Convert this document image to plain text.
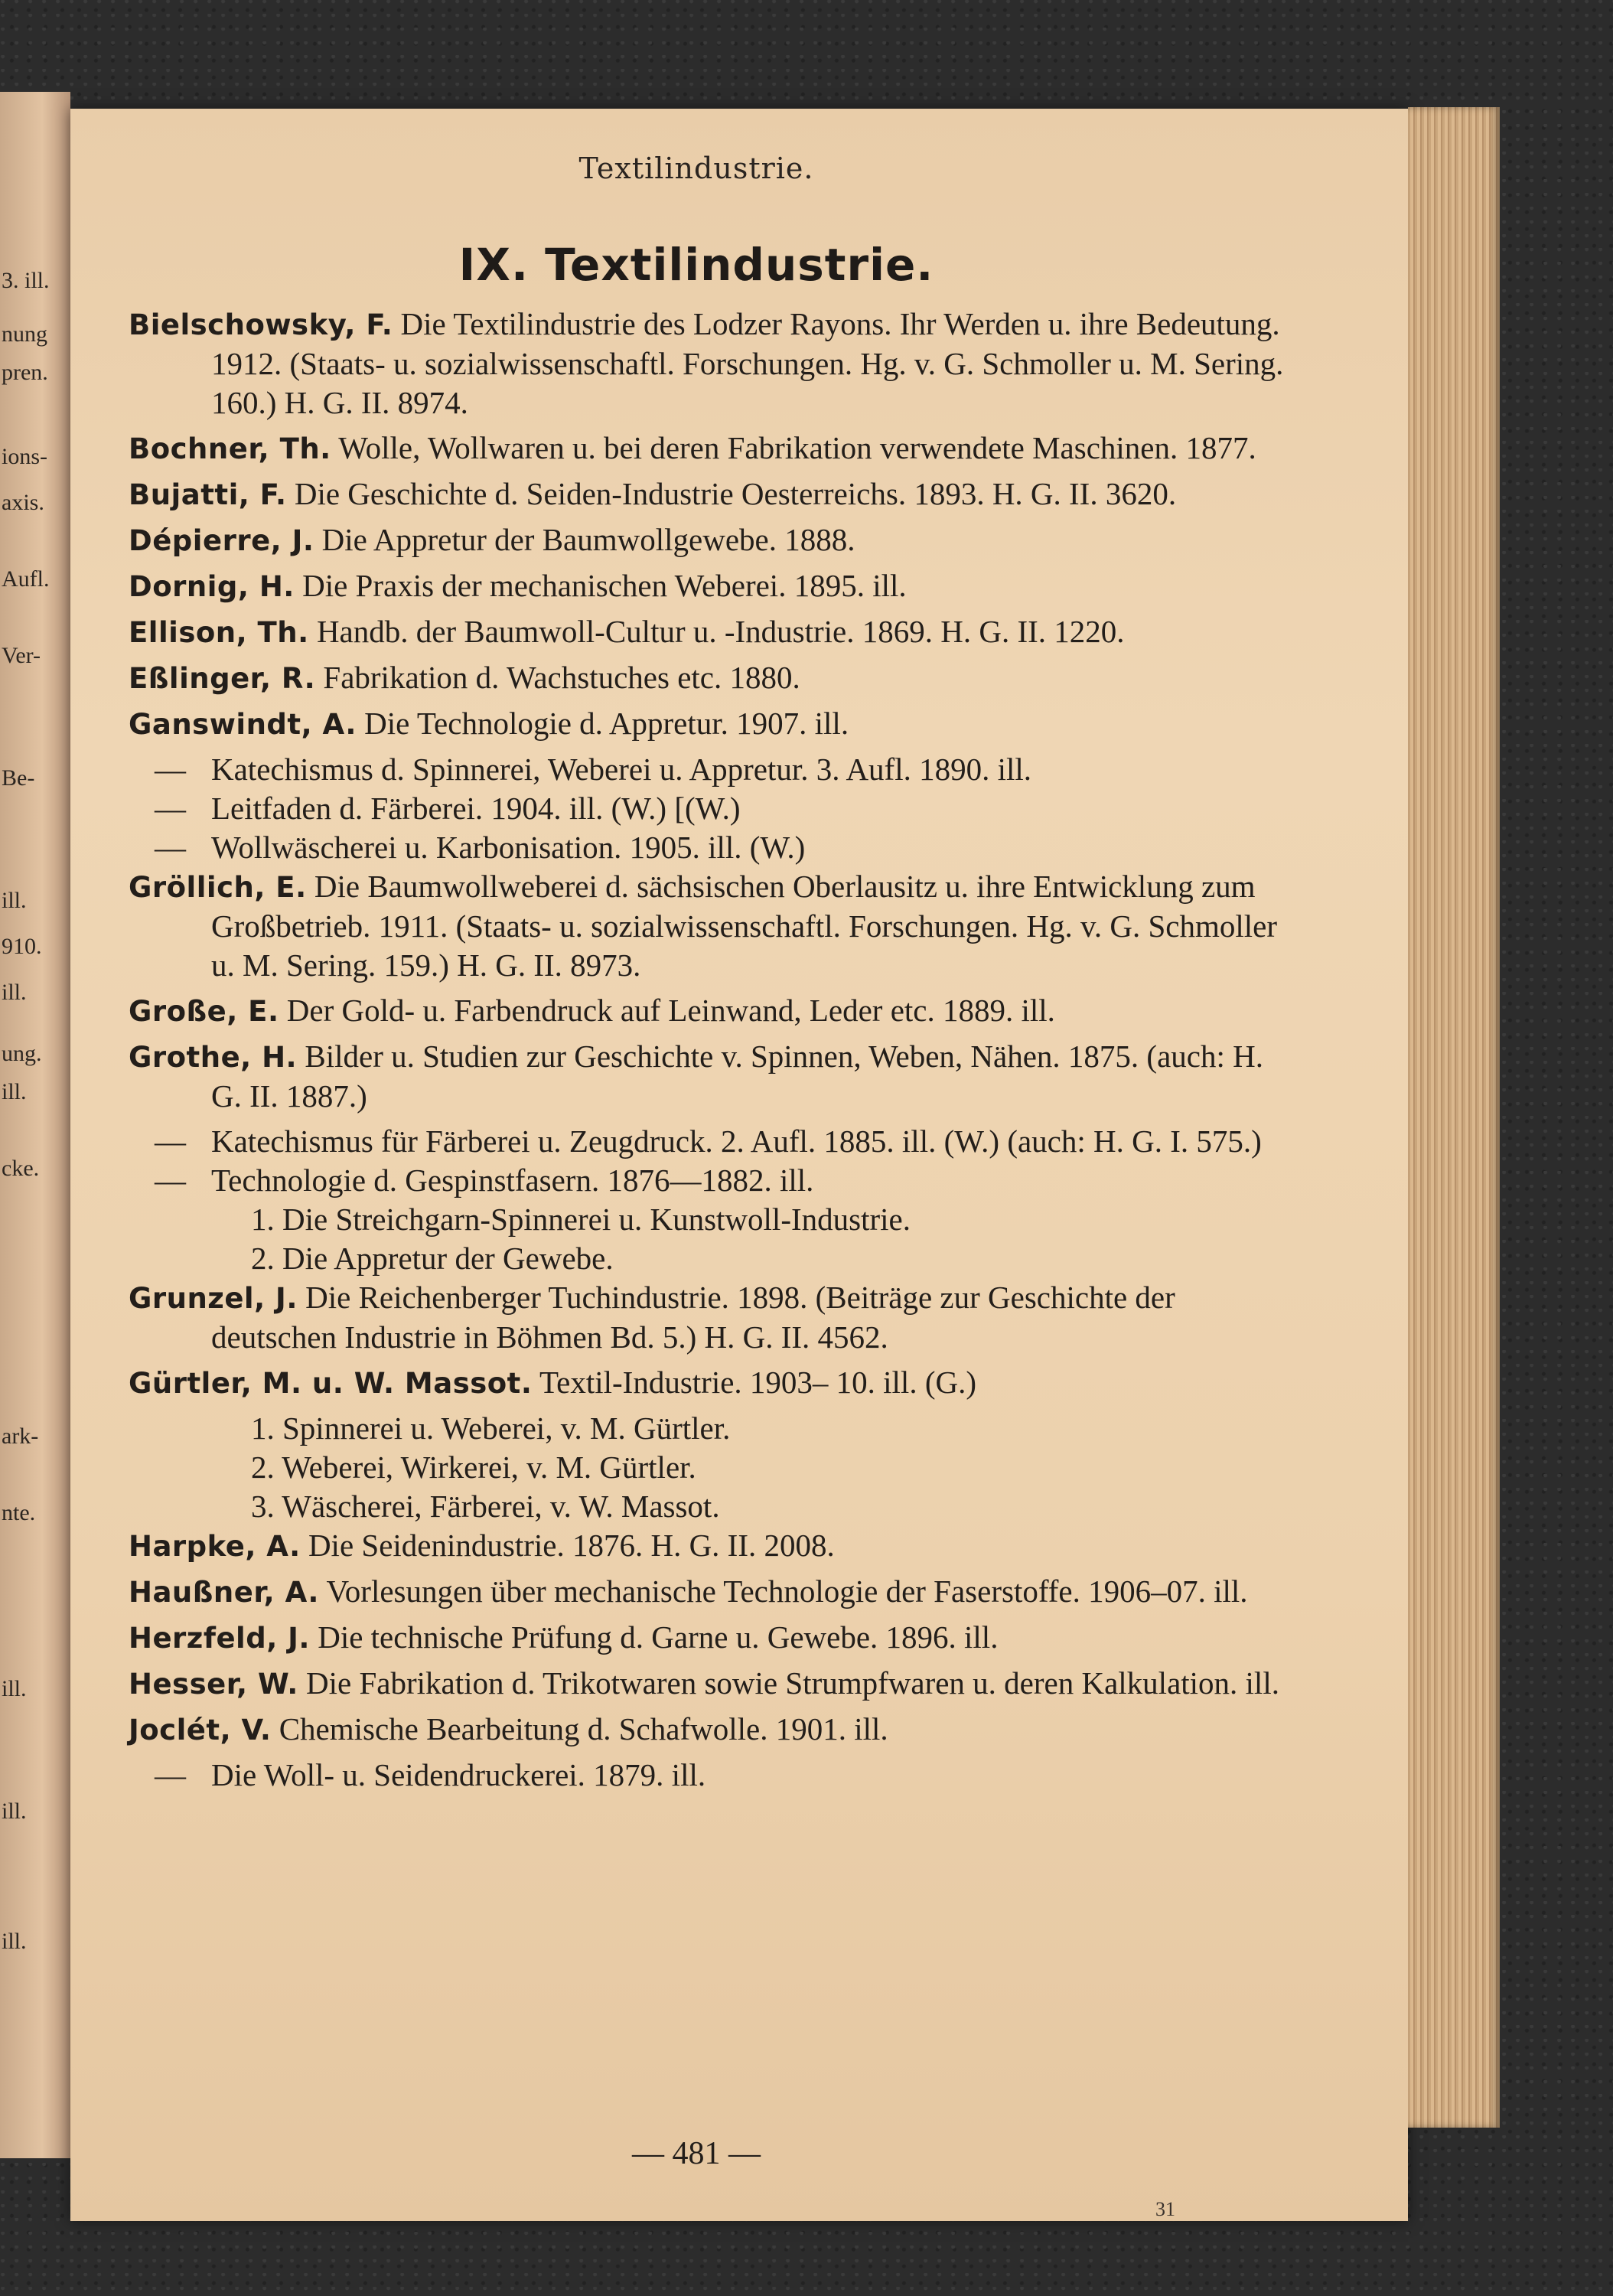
3. ill.
nung
pren.
ions-
axis.
Aufl.
Ver-
Be-
ill.
910.
ill.
ung.
ill.
cke.
ark-
nte.
ill.
ill.
ill.
Textilindustrie.
IX. Textilindustrie.
Bielschowsky, F. Die Textilindustrie des Lodzer Rayons. Ihr Werden u. ihre Bedeutung. 1912. (Staats- u. sozialwissenschaftl. Forschungen. Hg. v. G. Schmoller u. M. Sering. 160.) H. G. II. 8974.
Bochner, Th. Wolle, Wollwaren u. bei deren Fabrikation verwendete Maschinen. 1877.
Bujatti, F. Die Geschichte d. Seiden-Industrie Oesterreichs. 1893. H. G. II. 3620.
Dépierre, J. Die Appretur der Baumwollgewebe. 1888.
Dornig, H. Die Praxis der mechanischen Weberei. 1895. ill.
Ellison, Th. Handb. der Baumwoll-Cultur u. -Industrie. 1869. H. G. II. 1220.
Eßlinger, R. Fabrikation d. Wachstuches etc. 1880.
Ganswindt, A. Die Technologie d. Appretur. 1907. ill.
— Katechismus d. Spinnerei, Weberei u. Appretur. 3. Aufl. 1890. ill.
— Leitfaden d. Färberei. 1904. ill. (W.) [(W.)
— Wollwäscherei u. Karbonisation. 1905. ill. (W.)
Gröllich, E. Die Baumwollweberei d. sächsischen Oberlausitz u. ihre Entwicklung zum Großbetrieb. 1911. (Staats- u. sozialwissenschaftl. Forschungen. Hg. v. G. Schmoller u. M. Sering. 159.) H. G. II. 8973.
Große, E. Der Gold- u. Farbendruck auf Leinwand, Leder etc. 1889. ill.
Grothe, H. Bilder u. Studien zur Geschichte v. Spinnen, Weben, Nähen. 1875. (auch: H. G. II. 1887.)
— Katechismus für Färberei u. Zeugdruck. 2. Aufl. 1885. ill. (W.) (auch: H. G. I. 575.)
— Technologie d. Gespinstfasern. 1876—1882. ill.
1. Die Streichgarn-Spinnerei u. Kunstwoll-Industrie.
2. Die Appretur der Gewebe.
Grunzel, J. Die Reichenberger Tuchindustrie. 1898. (Beiträge zur Geschichte der deutschen Industrie in Böhmen Bd. 5.) H. G. II. 4562.
Gürtler, M. u. W. Massot. Textil-Industrie. 1903– 10. ill. (G.)
1. Spinnerei u. Weberei, v. M. Gürtler.
2. Weberei, Wirkerei, v. M. Gürtler.
3. Wäscherei, Färberei, v. W. Massot.
Harpke, A. Die Seidenindustrie. 1876. H. G. II. 2008.
Haußner, A. Vorlesungen über mechanische Technologie der Faserstoffe. 1906–07. ill.
Herzfeld, J. Die technische Prüfung d. Garne u. Gewebe. 1896. ill.
Hesser, W. Die Fabrikation d. Trikotwaren sowie Strumpfwaren u. deren Kalkulation. ill.
Joclét, V. Chemische Bearbeitung d. Schafwolle. 1901. ill.
— Die Woll- u. Seidendruckerei. 1879. ill.
— 481 —
31
